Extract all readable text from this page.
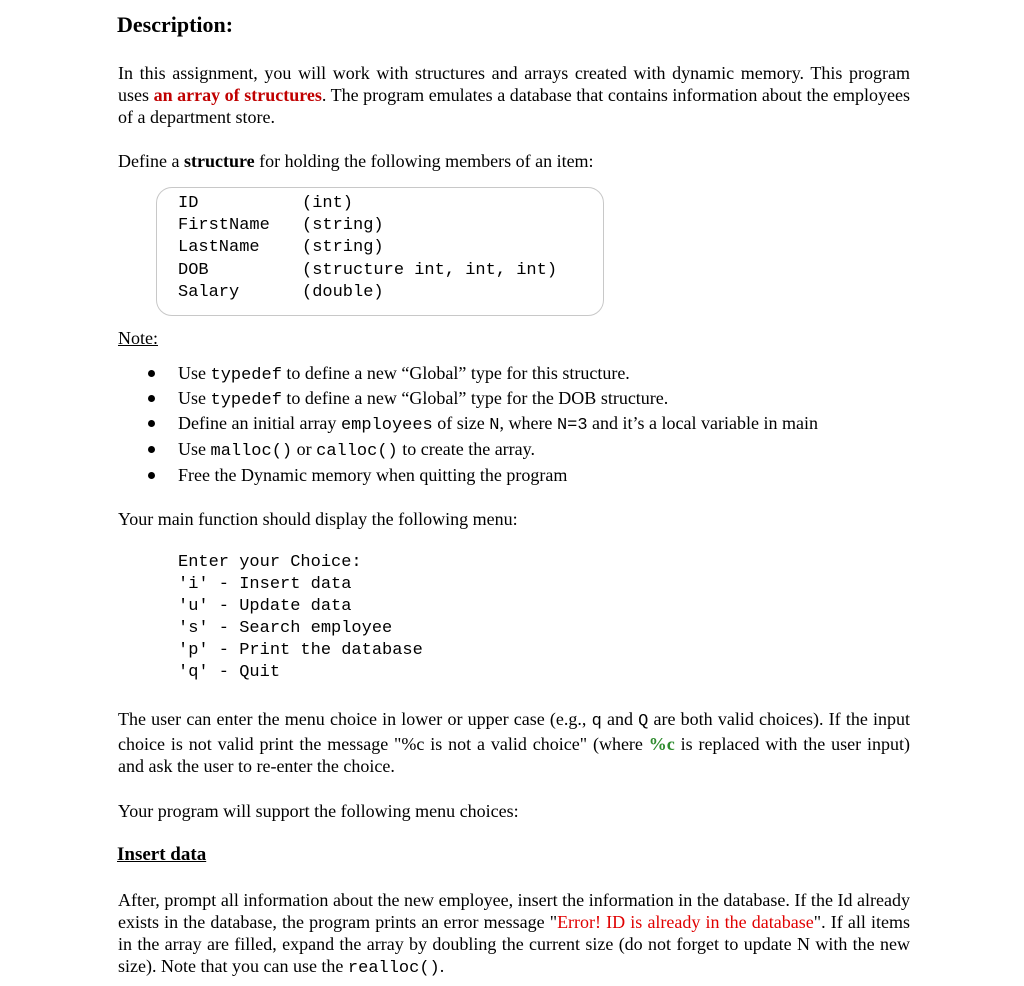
Description:

In this assignment, you will work with structures and arrays created with dynamic memory. This program uses an array of structures. The program emulates a database that contains information about the employees of a department store.

Define a structure for holding the following members of an item:

ID	(int)
FirstName (string)
LastName (string)
DOB	(structure int, int, int)
Salary	(double)
Note:
Use typedef to define a new “Global” type for this structure.
Use typedef to define a new “Global” type for the DOB structure.
Define an initial array employees of size N, where N=3 and it’s a local variable in main
Use malloc() or calloc() to create the array.
Free the Dynamic memory when quitting the program

Your main function should display the following menu:

Enter your Choice:
'i' - Insert data
'u' - Update data
's' - Search employee
'p' - Print the database
'q' - Quit

The user can enter the menu choice in lower or upper case (e.g., q and Q are both valid choices). If the input choice is not valid print the message "%c is not a valid choice" (where %c is replaced with the user input) and ask the user to re-enter the choice.

Your program will support the following menu choices:

Insert data

After, prompt all information about the new employee, insert the information in the database. If the Id already exists in the database, the program prints an error message "Error! ID is already in the database". If all items in the array are filled, expand the array by doubling the current size (do not forget to update N with the new size). Note that you can use the realloc().
